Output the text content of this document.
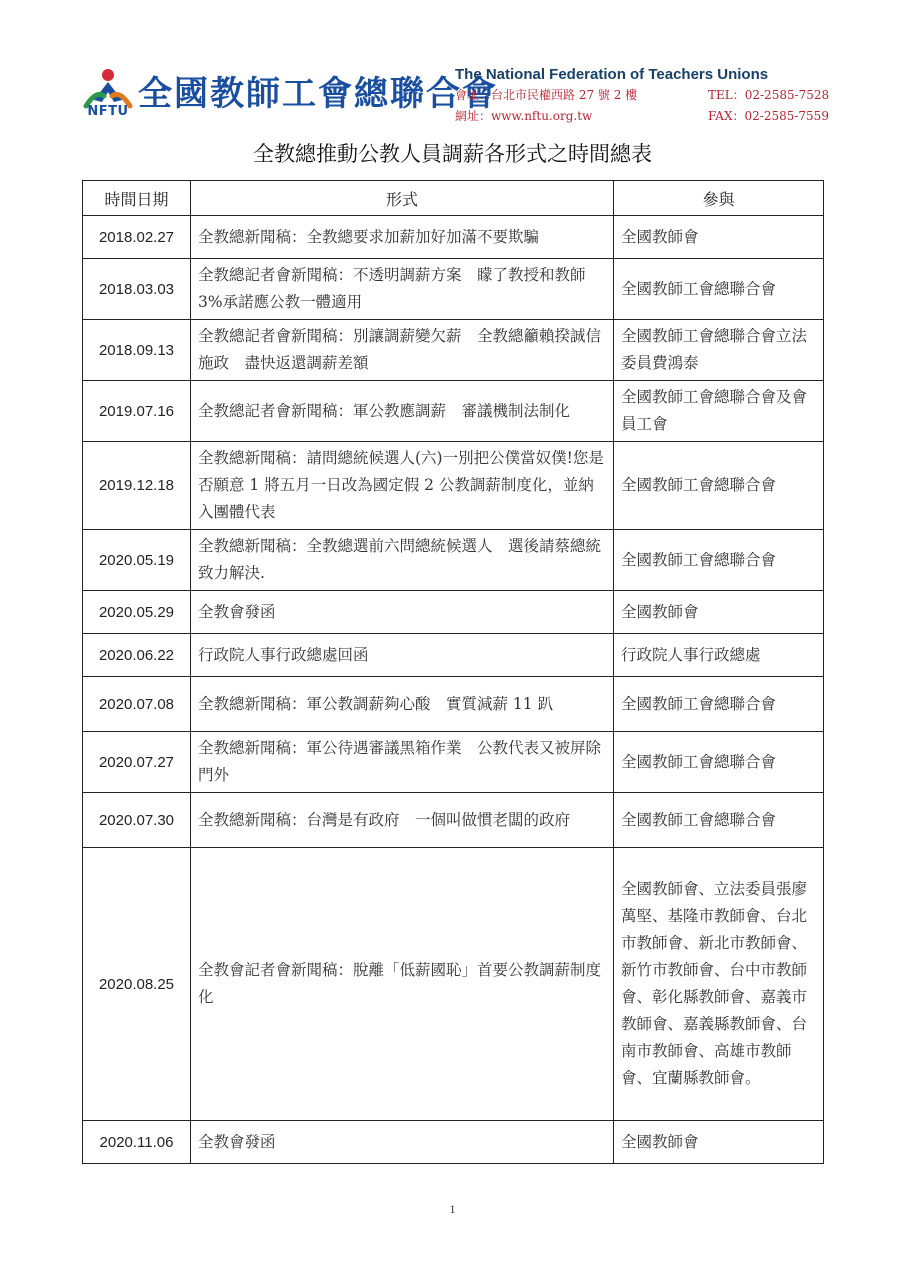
NFTU 全國教師工會總聯合會
The National Federation of Teachers Unions
會址：台北市民權西路 27 號 2 樓	TEL：02-2585-7528
網址：www.nftu.org.tw	FAX：02-2585-7559
全教總推動公教人員調薪各形式之時間總表
時間日期	形式	參與
2018.02.27	全教總新聞稿：全教總要求加薪加好加滿不要欺騙	全國教師會
2018.03.03	全教總記者會新聞稿：不透明調薪方案　矇了教授和教師　3%承諾應公教一體適用	全國教師工會總聯合會
2018.09.13	全教總記者會新聞稿：別讓調薪變欠薪　全教總籲賴揆誠信施政　盡快返還調薪差額	全國教師工會總聯合會立法委員費鴻泰
2019.07.16	全教總記者會新聞稿：軍公教應調薪　審議機制法制化	全國教師工會總聯合會及會員工會
2019.12.18	全教總新聞稿：請問總統候選人(六)一別把公僕當奴僕!您是否願意 1 將五月一日改為國定假 2 公教調薪制度化，並納入團體代表	全國教師工會總聯合會
2020.05.19	全教總新聞稿：全教總選前六問總統候選人　選後請蔡總統致力解決.	全國教師工會總聯合會
2020.05.29	全教會發函	全國教師會
2020.06.22	行政院人事行政總處回函	行政院人事行政總處
2020.07.08	全教總新聞稿：軍公教調薪夠心酸　實質減薪 11 趴	全國教師工會總聯合會
2020.07.27	全教總新聞稿：軍公待遇審議黑箱作業　公教代表又被屏除門外	全國教師工會總聯合會
2020.07.30	全教總新聞稿：台灣是有政府　一個叫做慣老闆的政府	全國教師工會總聯合會
2020.08.25	全教會記者會新聞稿：脫離「低薪國恥」首要公教調薪制度化	全國教師會、立法委員張廖萬堅、基隆市教師會、台北市教師會、新北市教師會、新竹市教師會、台中市教師會、彰化縣教師會、嘉義市教師會、嘉義縣教師會、台南市教師會、高雄市教師會、宜蘭縣教師會。
2020.11.06	全教會發函	全國教師會
1
